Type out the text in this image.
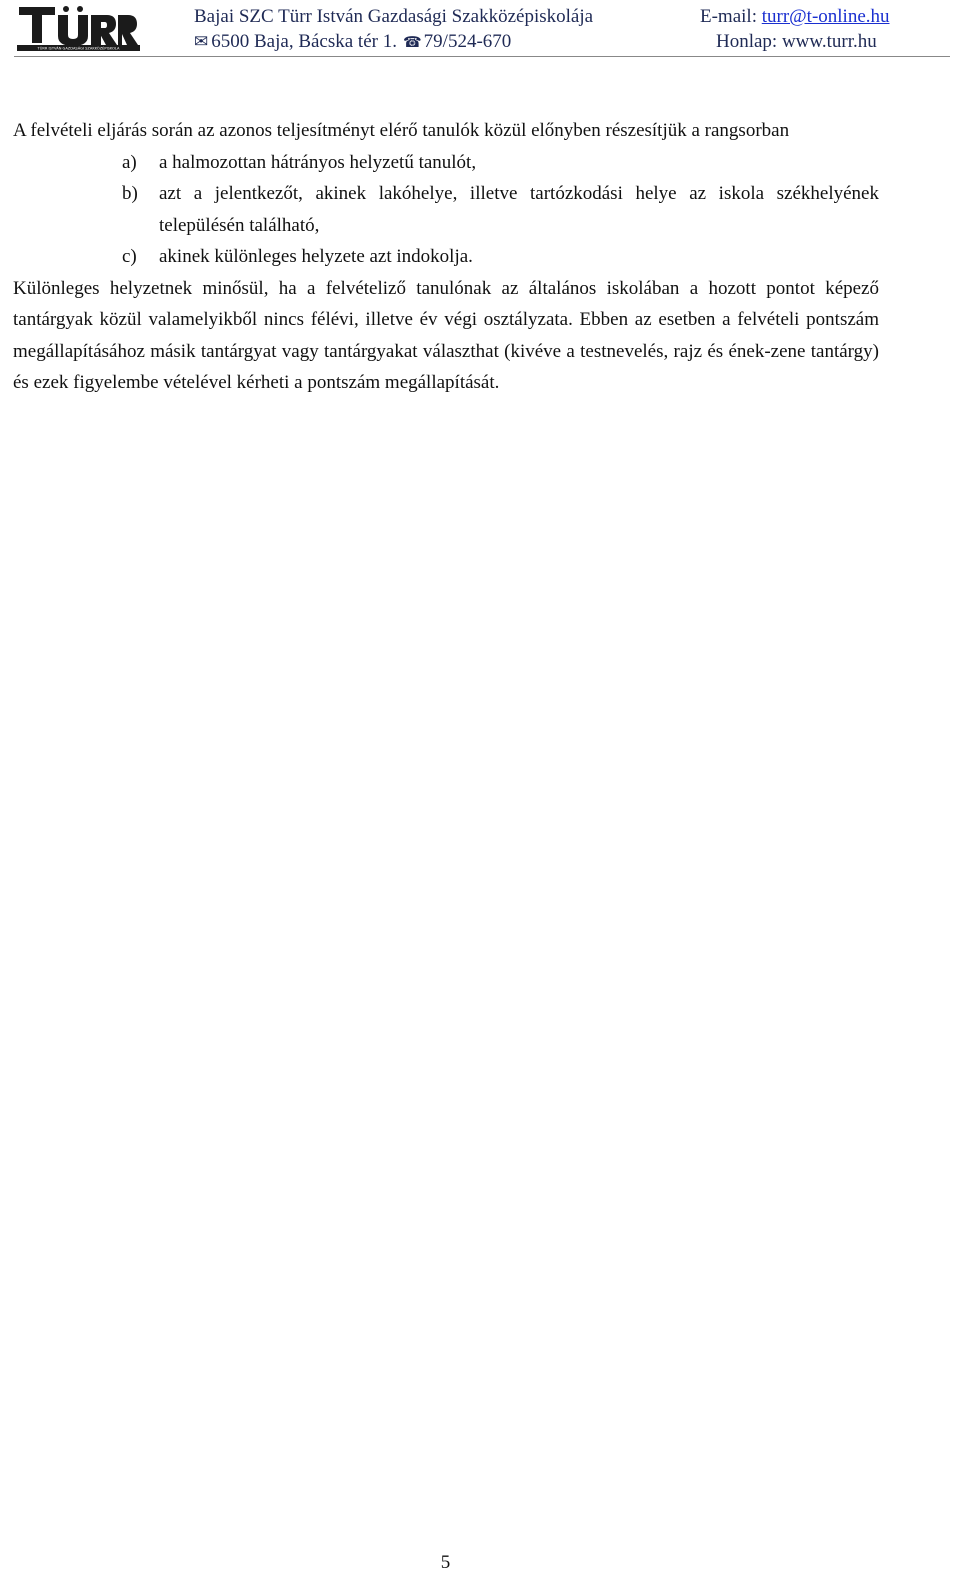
TÜRR ISTVÁN GAZDASÁGI SZAKKÖZÉPISKOLA
Bajai SZC Türr István Gazdasági Szakközépiskolája
✉ 6500 Baja, Bácska tér 1. ☎ 79/524-670
E-mail: turr@t-online.hu
Honlap: www.turr.hu

A felvételi eljárás során az azonos teljesítményt elérő tanulók közül előnyben részesítjük a rangsorban

a) a halmozottan hátrányos helyzetű tanulót,
b) azt a jelentkezőt, akinek lakóhelye, illetve tartózkodási helye az iskola székhelyének településén található,
c) akinek különleges helyzete azt indokolja.

Különleges helyzetnek minősül, ha a felvételiző tanulónak az általános iskolában a hozott pontot képező tantárgyak közül valamelyikből nincs félévi, illetve év végi osztályzata. Ebben az esetben a felvételi pontszám megállapításához másik tantárgyat vagy tantárgyakat választhat (kivéve a testnevelés, rajz és ének-zene tantárgy) és ezek figyelembe vételével kérheti a pontszám megállapítását.

5
